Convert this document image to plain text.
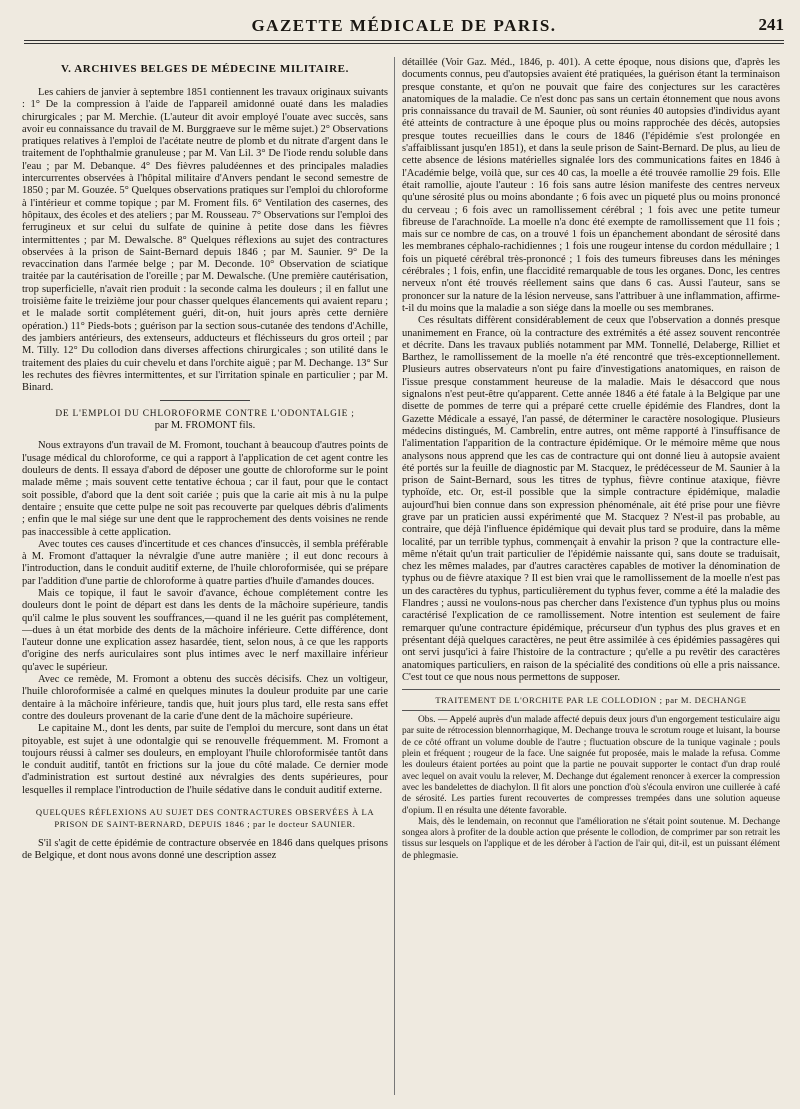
GAZETTE MÉDICALE DE PARIS.	241
V. ARCHIVES BELGES DE MÉDECINE MILITAIRE.

Les cahiers de janvier à septembre 1851 contiennent les travaux originaux suivants : 1° De la compression à l'aide de l'appareil amidonné ouaté dans les maladies chirurgicales ; par M. Merchie. (L'auteur dit avoir employé l'ouate avec succès, sans avoir eu connaissance du travail de M. Burggraeve sur le même sujet.) 2° Observations pratiques relatives à l'emploi de l'acétate neutre de plomb et du nitrate d'argent dans le traitement de l'ophthalmie granuleuse ; par M. Van Lil. 3° De l'iode rendu soluble dans l'eau ; par M. Debanque. 4° Des fièvres paludéennes et des principales maladies intercurrentes observées à l'hôpital militaire d'Anvers pendant le second semestre de 1850 ; par M. Gouzée. 5° Quelques observations pratiques sur l'emploi du chloroforme à l'intérieur et comme topique ; par M. Froment fils. 6° Ventilation des casernes, des hôpitaux, des écoles et des ateliers ; par M. Rousseau. 7° Observations sur l'emploi des ferrugineux et sur celui du sulfate de quinine à petite dose dans les fièvres intermittentes ; par M. Dewalsche. 8° Quelques réflexions au sujet des contractures observées à la prison de Saint-Bernard depuis 1846 ; par M. Saunier. 9° De la revaccination dans l'armée belge ; par M. Deconde. 10° Observation de sciatique traitée par la cautérisation de l'oreille ; par M. Dewalsche. (Une première cautérisation, trop superficielle, n'avait rien produit : la seconde calma les douleurs ; il en fallut une troisième faite le treizième jour pour chasser quelques élancements qui avaient reparu ; et le malade sortit complétement guéri, dit-on, huit jours après cette dernière opération.) 11° Pieds-bots ; guérison par la section sous-cutanée des tendons d'Achille, des jambiers antérieurs, des extenseurs, adducteurs et fléchisseurs du gros orteil ; par M. Tilly. 12° Du collodion dans diverses affections chirurgicales ; son utilité dans le traitement des plaies du cuir chevelu et dans l'orchite aiguë ; par M. Dechange. 13° Sur les rechutes des fièvres intermittentes, et sur l'irritation spinale en particulier ; par M. Binard.

DE L'EMPLOI DU CHLOROFORME CONTRE L'ODONTALGIE ;
par M. FROMONT fils.

Nous extrayons d'un travail de M. Fromont, touchant à beaucoup d'autres points de l'usage médical du chloroforme, ce qui a rapport à l'application de cet agent contre les douleurs de dents. Il essaya d'abord de déposer une goutte de chloroforme sur le point malade même ; mais souvent cette tentative échoua ; car il faut, pour que le contact soit possible, d'abord que la dent soit cariée ; puis que la carie ait mis à nu la pulpe dentaire ; ensuite que cette pulpe ne soit pas recouverte par quelques débris d'aliments ; enfin que le mal siége sur une dent que le rapprochement des dents voisines ne rende pas inaccessible à cette application.

Avec toutes ces causes d'incertitude et ces chances d'insuccès, il sembla préférable à M. Fromont d'attaquer la névralgie d'une autre manière ; il eut donc recours à l'introduction, dans le conduit auditif externe, de l'huile chloroformisée, qui se prépare par l'addition d'une partie de chloroforme à quatre parties d'huile d'amandes douces.

Mais ce topique, il faut le savoir d'avance, échoue complétement contre les douleurs dont le point de départ est dans les dents de la mâchoire supérieure, tandis qu'il calme le plus souvent les souffrances,—quand il ne les guérit pas complétement,—dues à un état morbide des dents de la mâchoire inférieure. Cette différence, dont l'auteur donne une explication assez hasardée, tient, selon nous, à ce que les rapports d'origine des nerfs auriculaires sont plus intimes avec le nerf maxillaire inférieur qu'avec le supérieur.

Avec ce remède, M. Fromont a obtenu des succès décisifs. Chez un voltigeur, l'huile chloroformisée a calmé en quelques minutes la douleur produite par une carie dentaire à la mâchoire inférieure, tandis que, huit jours plus tard, elle resta sans effet contre des douleurs provenant de la carie d'une dent de la mâchoire supérieure.

Le capitaine M., dont les dents, par suite de l'emploi du mercure, sont dans un état pitoyable, est sujet à une odontalgie qui se renouvelle fréquemment. M. Fromont a toujours réussi à calmer ses douleurs, en employant l'huile chloroformisée tantôt dans le conduit auditif, tantôt en frictions sur la joue du côté malade. Ce dernier mode d'administration est surtout destiné aux névralgies des dents supérieures, pour lesquelles il remplace l'introduction de l'huile sédative dans le conduit auditif externe.

QUELQUES RÉFLEXIONS AU SUJET DES CONTRACTURES OBSERVÉES À LA
PRISON DE SAINT-BERNARD, DEPUIS 1846 ; par le docteur SAUNIER.

S'il s'agit de cette épidémie de contracture observée en 1846 dans quelques prisons de Belgique, et dont nous avons donné une description assez

détaillée (Voir Gaz. Méd., 1846, p. 401). A cette époque, nous disions que, d'après les documents connus, peu d'autopsies avaient été pratiquées, la guérison étant la terminaison presque constante, et qu'on ne pouvait que faire des conjectures sur les caractères anatomiques de la maladie. Ce n'est donc pas sans un certain étonnement que nous avons pris connaissance du travail de M. Saunier, où sont réunies 40 autopsies d'individus ayant été atteints de contracture à une époque plus ou moins rapprochée des décès, autopsies presque toutes recueillies dans le cours de 1846 (l'épidémie s'est prolongée en s'affaiblissant jusqu'en 1851), et dans la seule prison de Saint-Bernard. De plus, au lieu de cette absence de lésions matérielles signalée lors des communications faites en 1846 à l'Académie belge, voilà que, sur ces 40 cas, la moelle a été trouvée ramollie 29 fois. Elle était ramollie, ajoute l'auteur : 16 fois sans autre lésion manifeste des centres nerveux qu'une sérosité plus ou moins abondante ; 6 fois avec un piqueté plus ou moins prononcé du cerveau ; 6 fois avec un ramollissement cérébral ; 1 fois avec une petite tumeur fibreuse de l'arachnoïde. La moelle n'a donc été exempte de ramollissement que 11 fois ; mais sur ce nombre de cas, on a trouvé 1 fois un épanchement abondant de sérosité dans les membranes céphalo-rachidiennes ; 1 fois une rougeur intense du cordon médullaire ; 1 fois un piqueté cérébral très-prononcé ; 1 fois des tumeurs fibreuses dans les méninges cérébrales ; 1 fois, enfin, une flaccidité remarquable de tous les organes. Donc, les centres nerveux n'ont été trouvés réellement sains que dans 6 cas. Aussi l'auteur, sans se prononcer sur la nature de la lésion nerveuse, sans l'attribuer à une inflammation, affirme-t-il du moins que la maladie a son siége dans la moelle ou ses membranes.

Ces résultats diffèrent considérablement de ceux que l'observation a donnés presque unanimement en France, où la contracture des extrémités a été assez souvent rencontrée et décrite. Dans les travaux publiés notamment par MM. Tonnellé, Delaberge, Rilliet et Barthez, le ramollissement de la moelle n'a été rencontré que très-exceptionnellement. Plusieurs autres observateurs n'ont pu faire d'investigations anatomiques, en raison de l'issue presque constamment heureuse de la maladie. Mais le désaccord que nous signalons n'est peut-être qu'apparent. Cette année 1846 a été fatale à la Belgique par une disette de pommes de terre qui a préparé cette cruelle épidémie des Flandres, dont la Gazette Médicale a essayé, l'an passé, de déterminer le caractère nosologique. Plusieurs médecins distingués, M. Cambrelin, entre autres, ont même rapporté à l'insuffisance de l'alimentation l'apparition de la contracture épidémique. Or le mémoire même que nous analysons nous apprend que les cas de contracture qui ont donné lieu à autopsie avaient été portés sur la feuille de diagnostic par M. Stacquez, le prédécesseur de M. Saunier à la prison de Saint-Bernard, sous les titres de typhus, fièvre continue ataxique, fièvre typhoïde, etc. Or, est-il possible que la simple contracture épidémique, maladie aujourd'hui bien connue dans son expression phénoménale, ait été prise pour une fièvre grave par un praticien aussi expérimenté que M. Stacquez ? N'est-il pas probable, au contraire, que déjà l'influence épidémique qui devait plus tard se produire, dans la même localité, par un terrible typhus, commençait à envahir la prison ? que la contracture elle-même n'était qu'un trait particulier de l'épidémie naissante qui, sans doute se traduisait, chez les mêmes malades, par d'autres caractères capables de motiver la dénomination de typhus ou de fièvre ataxique ? Il est bien vrai que le ramollissement de la moelle n'est pas un des caractères du typhus, particulièrement du typhus fever, comme a été la maladie des Flandres ; aussi ne voulons-nous pas chercher dans l'existence d'un typhus plus ou moins caractérisé l'explication de ce ramollissement. Notre intention est seulement de faire remarquer qu'une contracture épidémique, précurseur d'un typhus des plus graves et en présentant déjà quelques caractères, ne peut être assimilée à ces épidémies passagères qui ont servi jusqu'ici à faire l'histoire de la contracture ; qu'elle a pu revêtir des caractères anatomiques particuliers, en raison de la spécialité des conditions où elle a pris naissance. C'est tout ce que nous nous permettons de supposer.

TRAITEMENT DE L'ORCHITE PAR LE COLLODION ; par M. DECHANGE

Obs. — Appelé auprès d'un malade affecté depuis deux jours d'un engorgement testiculaire aigu par suite de rétrocession blennorrhagique, M. Dechange trouva le scrotum rouge et luisant, la bourse de ce côté offrant un volume double de l'autre ; fluctuation obscure de la tunique vaginale ; pouls plein et fréquent ; rougeur de la face. Une saignée fut proposée, mais le malade la refusa. Comme les douleurs étaient portées au point que la partie ne pouvait supporter le contact d'un drap roulé avec lequel on avait voulu la relever, M. Dechange dut également renoncer à exercer la compression avec les bandelettes de diachylon. Il fit alors une ponction d'où s'écoula environ une cuillerée à café de sérosité. Les parties furent recouvertes de compresses trempées dans une solution aqueuse d'opium. Il en résulta une détente favorable.

Mais, dès le lendemain, on reconnut que l'amélioration ne s'était point soutenue. M. Dechange songea alors à profiter de la double action que présente le collodion, de comprimer par son retrait les tissus sur lesquels on l'applique et de les dérober à l'action de l'air qui, dit-il, est un puissant élément de phlegmasie.
